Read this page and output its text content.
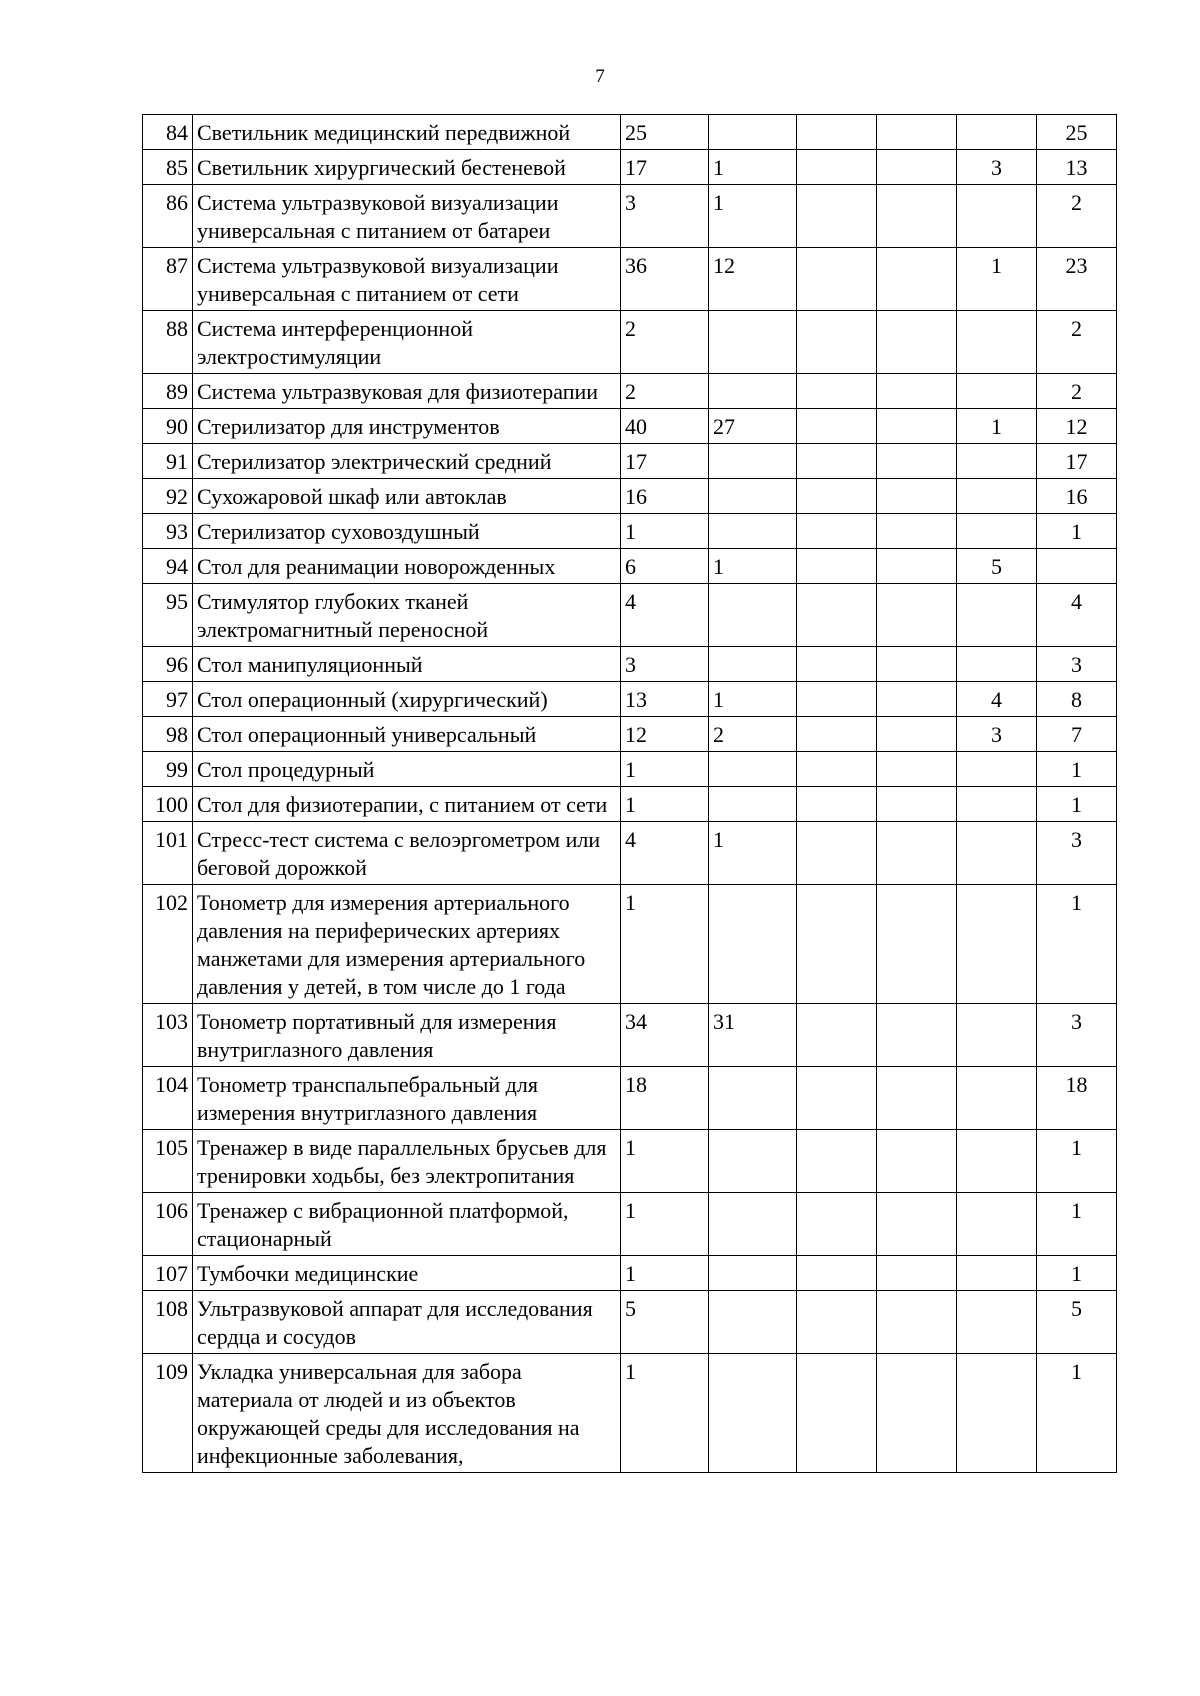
7
84	Светильник медицинский передвижной	25					25
85	Светильник хирургический бестеневой	17	1			3	13
86	Система ультразвуковой визуализации универсальная с питанием от батареи	3	1				2
87	Система ультразвуковой визуализации универсальная с питанием от сети	36	12			1	23
88	Система интерференционной электростимуляции	2					2
89	Система ультразвуковая для физиотерапии	2					2
90	Стерилизатор для инструментов	40	27			1	12
91	Стерилизатор электрический средний	17					17
92	Сухожаровой шкаф или автоклав	16					16
93	Стерилизатор суховоздушный	1					1
94	Стол для реанимации новорожденных	6	1			5	
95	Стимулятор глубоких тканей электромагнитный переносной	4					4
96	Стол манипуляционный	3					3
97	Стол операционный (хирургический)	13	1			4	8
98	Стол операционный универсальный	12	2			3	7
99	Стол процедурный	1					1
100	Стол для физиотерапии, с питанием от сети	1					1
101	Стресс-тест система с велоэргометром или беговой дорожкой	4	1				3
102	Тонометр для измерения артериального давления на периферических артериях манжетами для измерения артериального давления у детей, в том числе до 1 года	1					1
103	Тонометр портативный для измерения внутриглазного давления	34	31				3
104	Тонометр транспальпебральный для измерения внутриглазного давления	18					18
105	Тренажер в виде параллельных брусьев для тренировки ходьбы, без электропитания	1					1
106	Тренажер с вибрационной платформой, стационарный	1					1
107	Тумбочки медицинские	1					1
108	Ультразвуковой аппарат для исследования сердца и сосудов	5					5
109	Укладка универсальная для забора материала от людей и из объектов окружающей среды для исследования на инфекционные заболевания,	1					1
